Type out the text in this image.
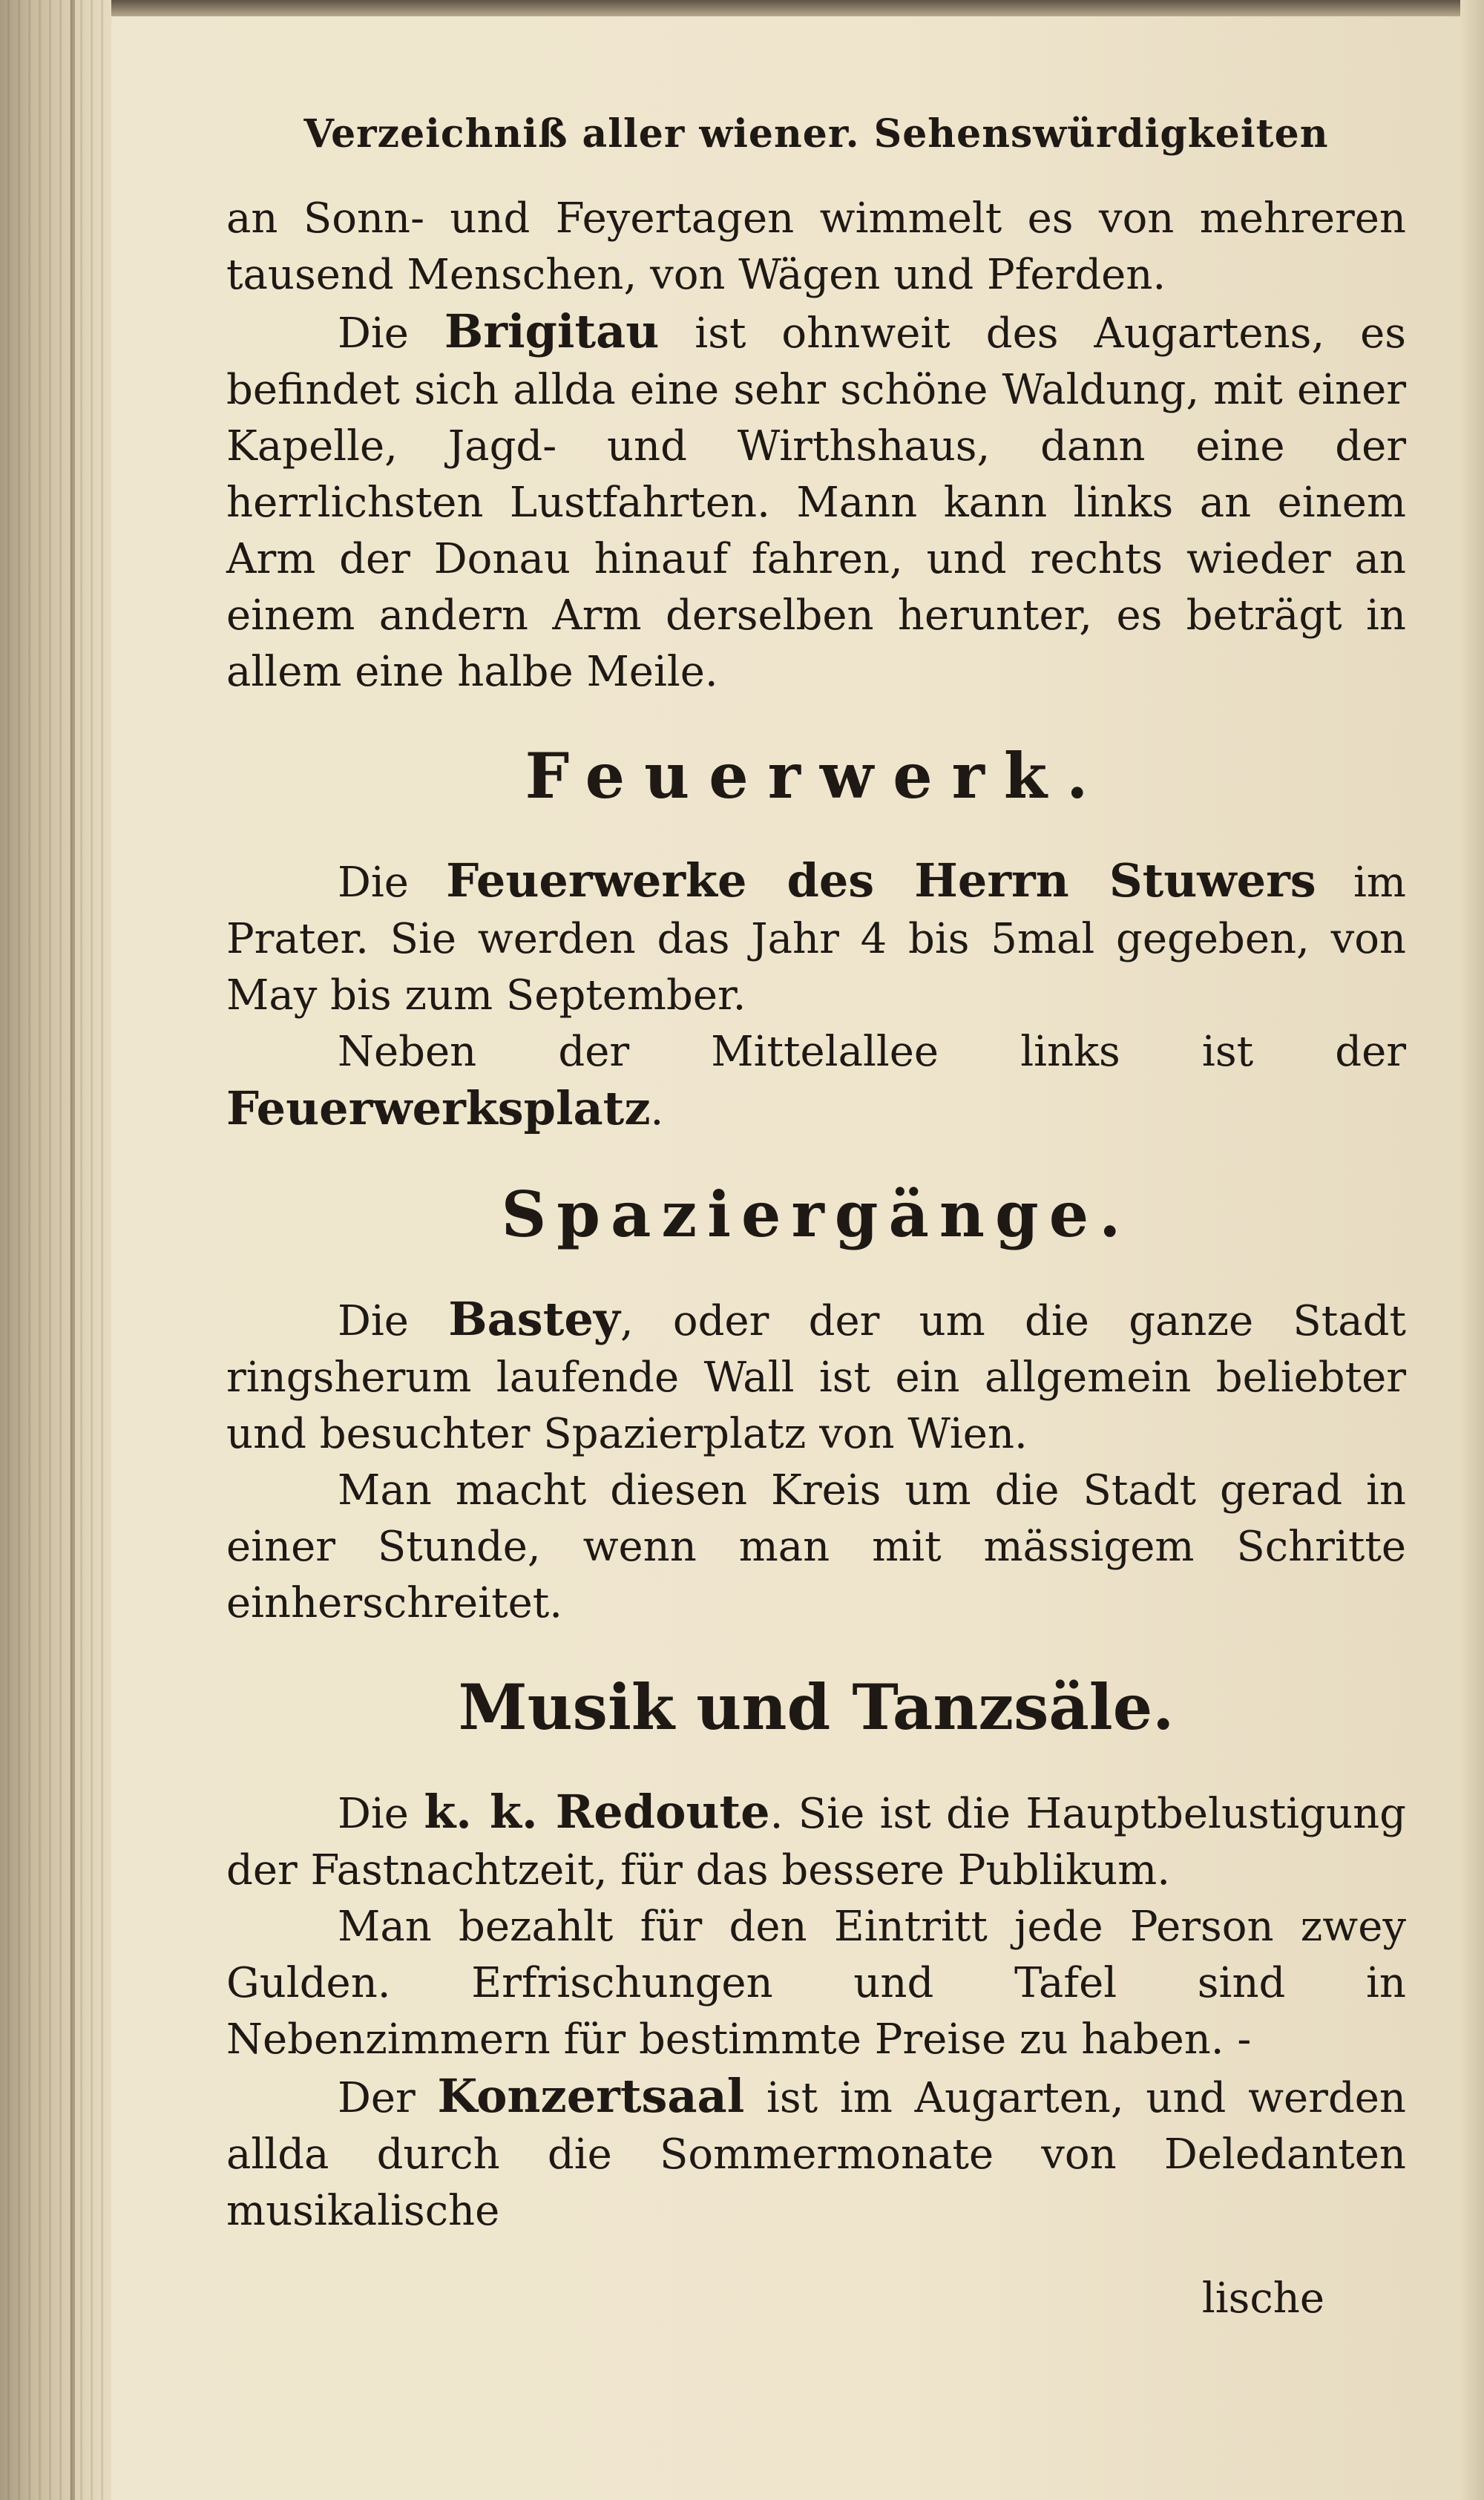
Verzeichniß aller wiener. Sehenswürdigkeiten

an Sonn- und Feyertagen wimmelt es von mehreren tausend Menschen, von Wägen und Pferden.

Die Brigitau ist ohnweit des Augartens, es befindet sich allda eine sehr schöne Waldung, mit einer Kapelle, Jagd- und Wirthshaus, dann eine der herrlichsten Lustfahrten. Mann kann links an einem Arm der Donau hinauf fahren, und rechts wieder an einem andern Arm derselben herunter, es beträgt in allem eine halbe Meile.

Feuerwerk.

Die Feuerwerke des Herrn Stuwers im Prater. Sie werden das Jahr 4 bis 5mal gegeben, von May bis zum September.

Neben der Mittelallee links ist der Feuerwerksplatz.

Spaziergänge.

Die Bastey, oder der um die ganze Stadt ringsherum laufende Wall ist ein allgemein beliebter und besuchter Spazierplatz von Wien.

Man macht diesen Kreis um die Stadt gerad in einer Stunde, wenn man mit mässigem Schritte einherschreitet.

Musik und Tanzsäle.

Die k. k. Redoute. Sie ist die Hauptbelustigung der Fastnachtzeit, für das bessere Publikum.

Man bezahlt für den Eintritt jede Person zwey Gulden. Erfrischungen und Tafel sind in Nebenzimmern für bestimmte Preise zu haben. -

Der Konzertsaal ist im Augarten, und werden allda durch die Sommermonate von Deledanten musikalische

lische
